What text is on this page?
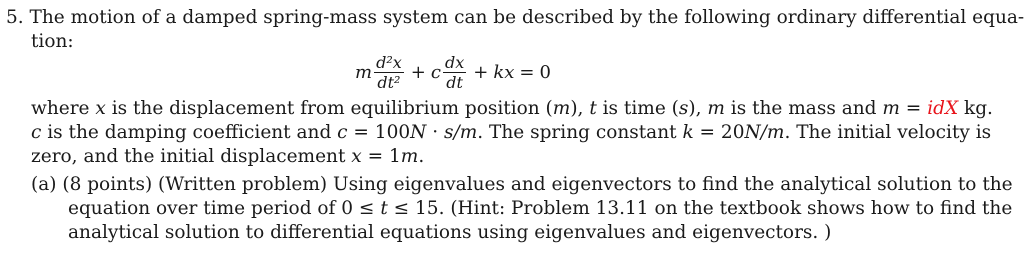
5. The motion of a damped spring-mass system can be described by the following ordinary differential equa-
tion:
m $\frac{\text{d²x}}{\text{dt²}} + c \frac{dx}{dt}$ + kx = 0
where x is the displacement from equilibrium position (m), t is time (s), m is the mass and m = idX kg.
c is the damping coefficient and c = 100N · s/m. The spring constant k = 20N/m. The initial velocity is
zero, and the initial displacement x = 1m.
(a) (8 points) (Written problem) Using eigenvalues and eigenvectors to find the analytical solution to the
equation over time period of 0 ≤ t ≤ 15. (Hint: Problem 13.11 on the textbook shows how to find the
analytical solution to differential equations using eigenvalues and eigenvectors. )
